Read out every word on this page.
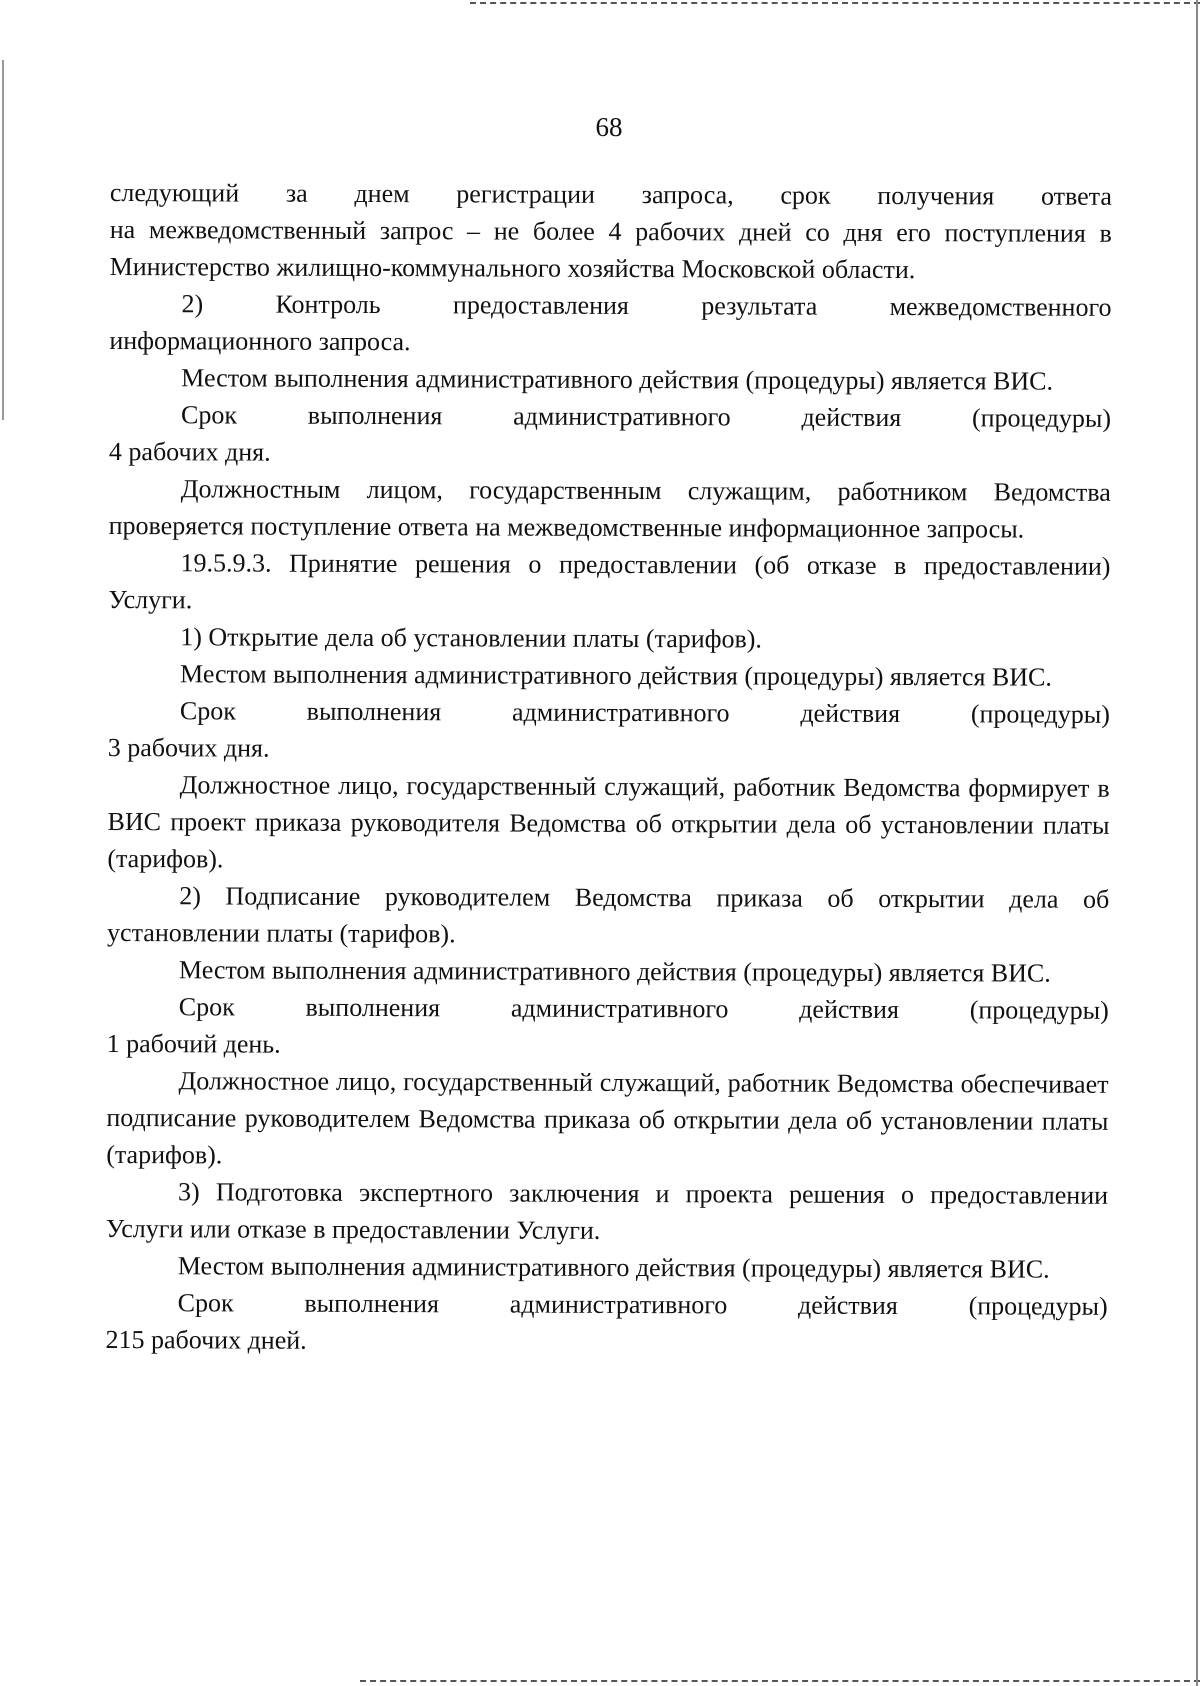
68

следующий за днем регистрации запроса, срок получения ответа

на межведомственный запрос – не более 4 рабочих дней со дня его поступления в Министерство жилищно-коммунального хозяйства Московской области.

2) Контроль предоставления результата межведомственного

информационного запроса.

Местом выполнения административного действия (процедуры) является ВИС.

Срок выполнения административного действия (процедуры)

4 рабочих дня.

Должностным лицом, государственным служащим, работником Ведомства проверяется поступление ответа на межведомственные информационное запросы.

19.5.9.3. Принятие решения о предоставлении (об отказе в предоставлении) Услуги.

1) Открытие дела об установлении платы (тарифов).

Местом выполнения административного действия (процедуры) является ВИС.

Срок выполнения административного действия (процедуры)

3 рабочих дня.

Должностное лицо, государственный служащий, работник Ведомства формирует в ВИС проект приказа руководителя Ведомства об открытии дела об установлении платы (тарифов).

2) Подписание руководителем Ведомства приказа об открытии дела об установлении платы (тарифов).

Местом выполнения административного действия (процедуры) является ВИС.

Срок выполнения административного действия (процедуры)

1 рабочий день.

Должностное лицо, государственный служащий, работник Ведомства обеспечивает подписание руководителем Ведомства приказа об открытии дела об установлении платы (тарифов).

3) Подготовка экспертного заключения и проекта решения о предоставлении Услуги или отказе в предоставлении Услуги.

Местом выполнения административного действия (процедуры) является ВИС.

Срок выполнения административного действия (процедуры)

215 рабочих дней.
